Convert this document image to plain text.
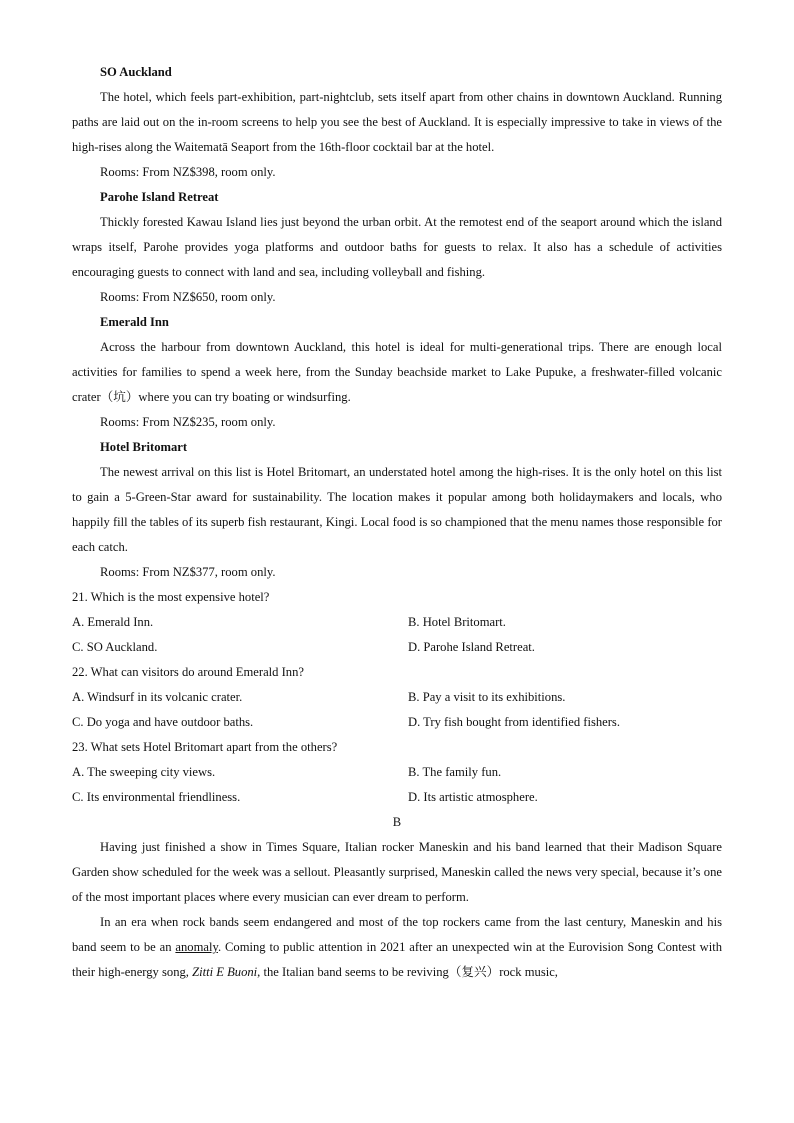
SO Auckland

The hotel, which feels part-exhibition, part-nightclub, sets itself apart from other chains in downtown Auckland. Running paths are laid out on the in-room screens to help you see the best of Auckland. It is especially impressive to take in views of the high-rises along the Waitematā Seaport from the 16th-floor cocktail bar at the hotel.

Rooms: From NZ$398, room only.
Parohe Island Retreat

Thickly forested Kawau Island lies just beyond the urban orbit. At the remotest end of the seaport around which the island wraps itself, Parohe provides yoga platforms and outdoor baths for guests to relax. It also has a schedule of activities encouraging guests to connect with land and sea, including volleyball and fishing.

Rooms: From NZ$650, room only.
Emerald Inn

Across the harbour from downtown Auckland, this hotel is ideal for multi-generational trips. There are enough local activities for families to spend a week here, from the Sunday beachside market to Lake Pupuke, a freshwater-filled volcanic crater（坑）where you can try boating or windsurfing.

Rooms: From NZ$235, room only.
Hotel Britomart

The newest arrival on this list is Hotel Britomart, an understated hotel among the high-rises. It is the only hotel on this list to gain a 5-Green-Star award for sustainability. The location makes it popular among both holidaymakers and locals, who happily fill the tables of its superb fish restaurant, Kingi. Local food is so championed that the menu names those responsible for each catch.

Rooms: From NZ$377, room only.
21. Which is the most expensive hotel?
A. Emerald Inn.	B. Hotel Britomart.
C. SO Auckland.	D. Parohe Island Retreat.
22. What can visitors do around Emerald Inn?
A. Windsurf in its volcanic crater.	B. Pay a visit to its exhibitions.
C. Do yoga and have outdoor baths.	D. Try fish bought from identified fishers.
23. What sets Hotel Britomart apart from the others?
A. The sweeping city views.	B. The family fun.
C. Its environmental friendliness.	D. Its artistic atmosphere.
B

Having just finished a show in Times Square, Italian rocker Maneskin and his band learned that their Madison Square Garden show scheduled for the week was a sellout. Pleasantly surprised, Maneskin called the news very special, because it’s one of the most important places where every musician can ever dream to perform.

In an era when rock bands seem endangered and most of the top rockers came from the last century, Maneskin and his band seem to be an anomaly. Coming to public attention in 2021 after an unexpected win at the Eurovision Song Contest with their high-energy song, Zitti E Buoni, the Italian band seems to be reviving（复兴）rock music,
